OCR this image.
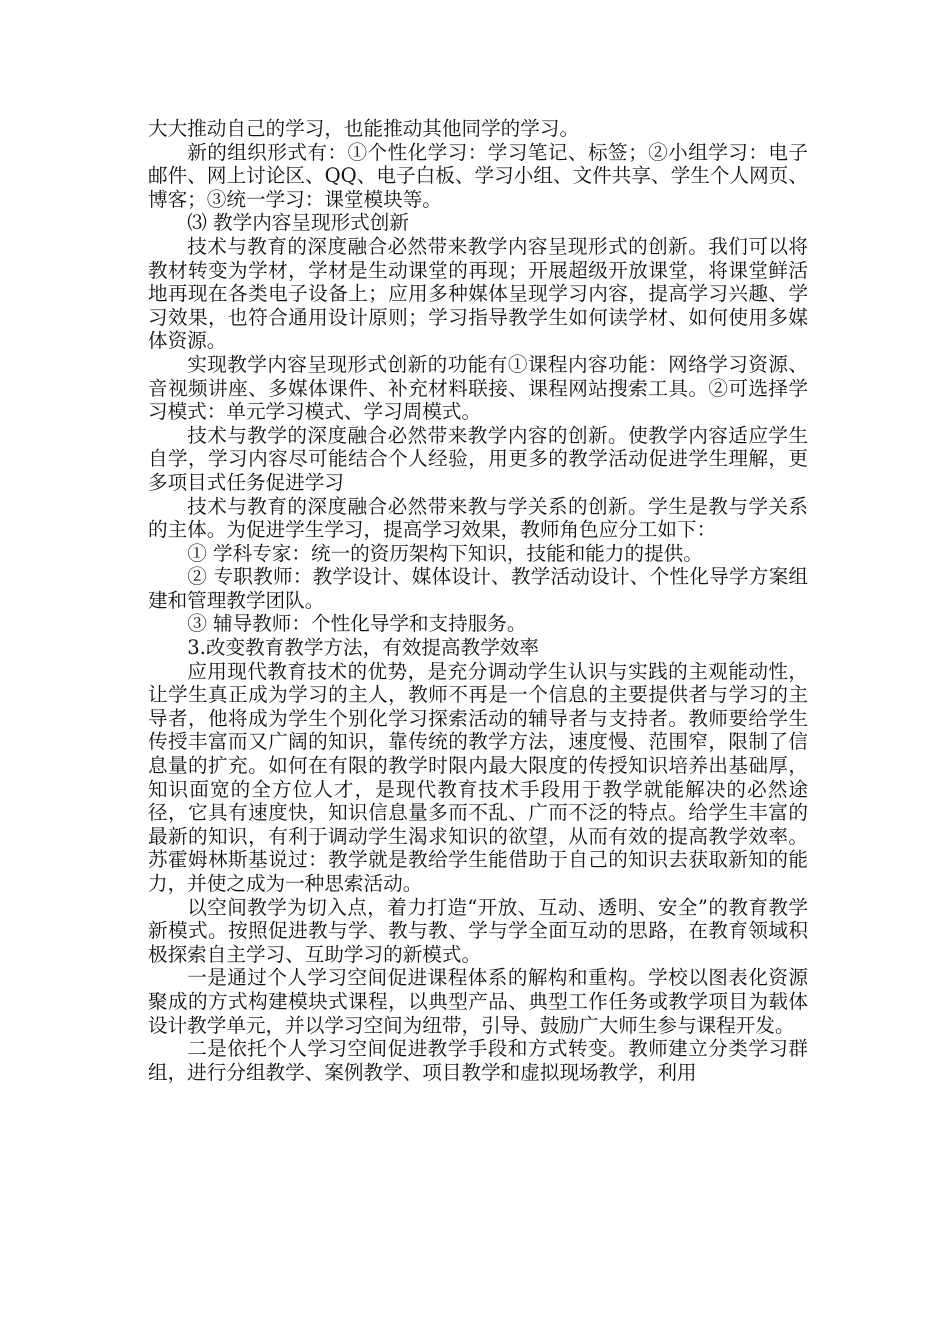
大大推动自己的学习，也能推动其他同学的学习。

新的组织形式有：①个性化学习：学习笔记、标签；②小组学习：电子邮件、网上讨论区、QQ、电子白板、学习小组、文件共享、学生个人网页、博客；③统一学习：课堂模块等。

⑶ 教学内容呈现形式创新

技术与教育的深度融合必然带来教学内容呈现形式的创新。我们可以将教材转变为学材，学材是生动课堂的再现；开展超级开放课堂，将课堂鲜活地再现在各类电子设备上；应用多种媒体呈现学习内容，提高学习兴趣、学习效果，也符合通用设计原则；学习指导教学生如何读学材、如何使用多媒体资源。

实现教学内容呈现形式创新的功能有①课程内容功能：网络学习资源、音视频讲座、多媒体课件、补充材料联接、课程网站搜索工具。②可选择学习模式：单元学习模式、学习周模式。

技术与教学的深度融合必然带来教学内容的创新。使教学内容适应学生自学，学习内容尽可能结合个人经验，用更多的教学活动促进学生理解，更多项目式任务促进学习

技术与教育的深度融合必然带来教与学关系的创新。学生是教与学关系的主体。为促进学生学习，提高学习效果，教师角色应分工如下：

① 学科专家：统一的资历架构下知识，技能和能力的提供。

② 专职教师：教学设计、媒体设计、教学活动设计、个性化导学方案组建和管理教学团队。

③ 辅导教师：个性化导学和支持服务。

3.改变教育教学方法，有效提高教学效率

应用现代教育技术的优势，是充分调动学生认识与实践的主观能动性，让学生真正成为学习的主人，教师不再是一个信息的主要提供者与学习的主导者，他将成为学生个别化学习探索活动的辅导者与支持者。教师要给学生传授丰富而又广阔的知识，靠传统的教学方法，速度慢、范围窄，限制了信息量的扩充。如何在有限的教学时限内最大限度的传授知识培养出基础厚，知识面宽的全方位人才，是现代教育技术手段用于教学就能解决的必然途径，它具有速度快，知识信息量多而不乱、广而不泛的特点。给学生丰富的最新的知识，有利于调动学生渴求知识的欲望，从而有效的提高教学效率。苏霍姆林斯基说过：教学就是教给学生能借助于自己的知识去获取新知的能力，并使之成为一种思索活动。

以空间教学为切入点，着力打造“开放、互动、透明、安全”的教育教学新模式。按照促进教与学、教与教、学与学全面互动的思路，在教育领域积极探索自主学习、互助学习的新模式。

一是通过个人学习空间促进课程体系的解构和重构。学校以图表化资源聚成的方式构建模块式课程，以典型产品、典型工作任务或教学项目为载体设计教学单元，并以学习空间为纽带，引导、鼓励广大师生参与课程开发。

二是依托个人学习空间促进教学手段和方式转变。教师建立分类学习群组，进行分组教学、案例教学、项目教学和虚拟现场教学，利用
